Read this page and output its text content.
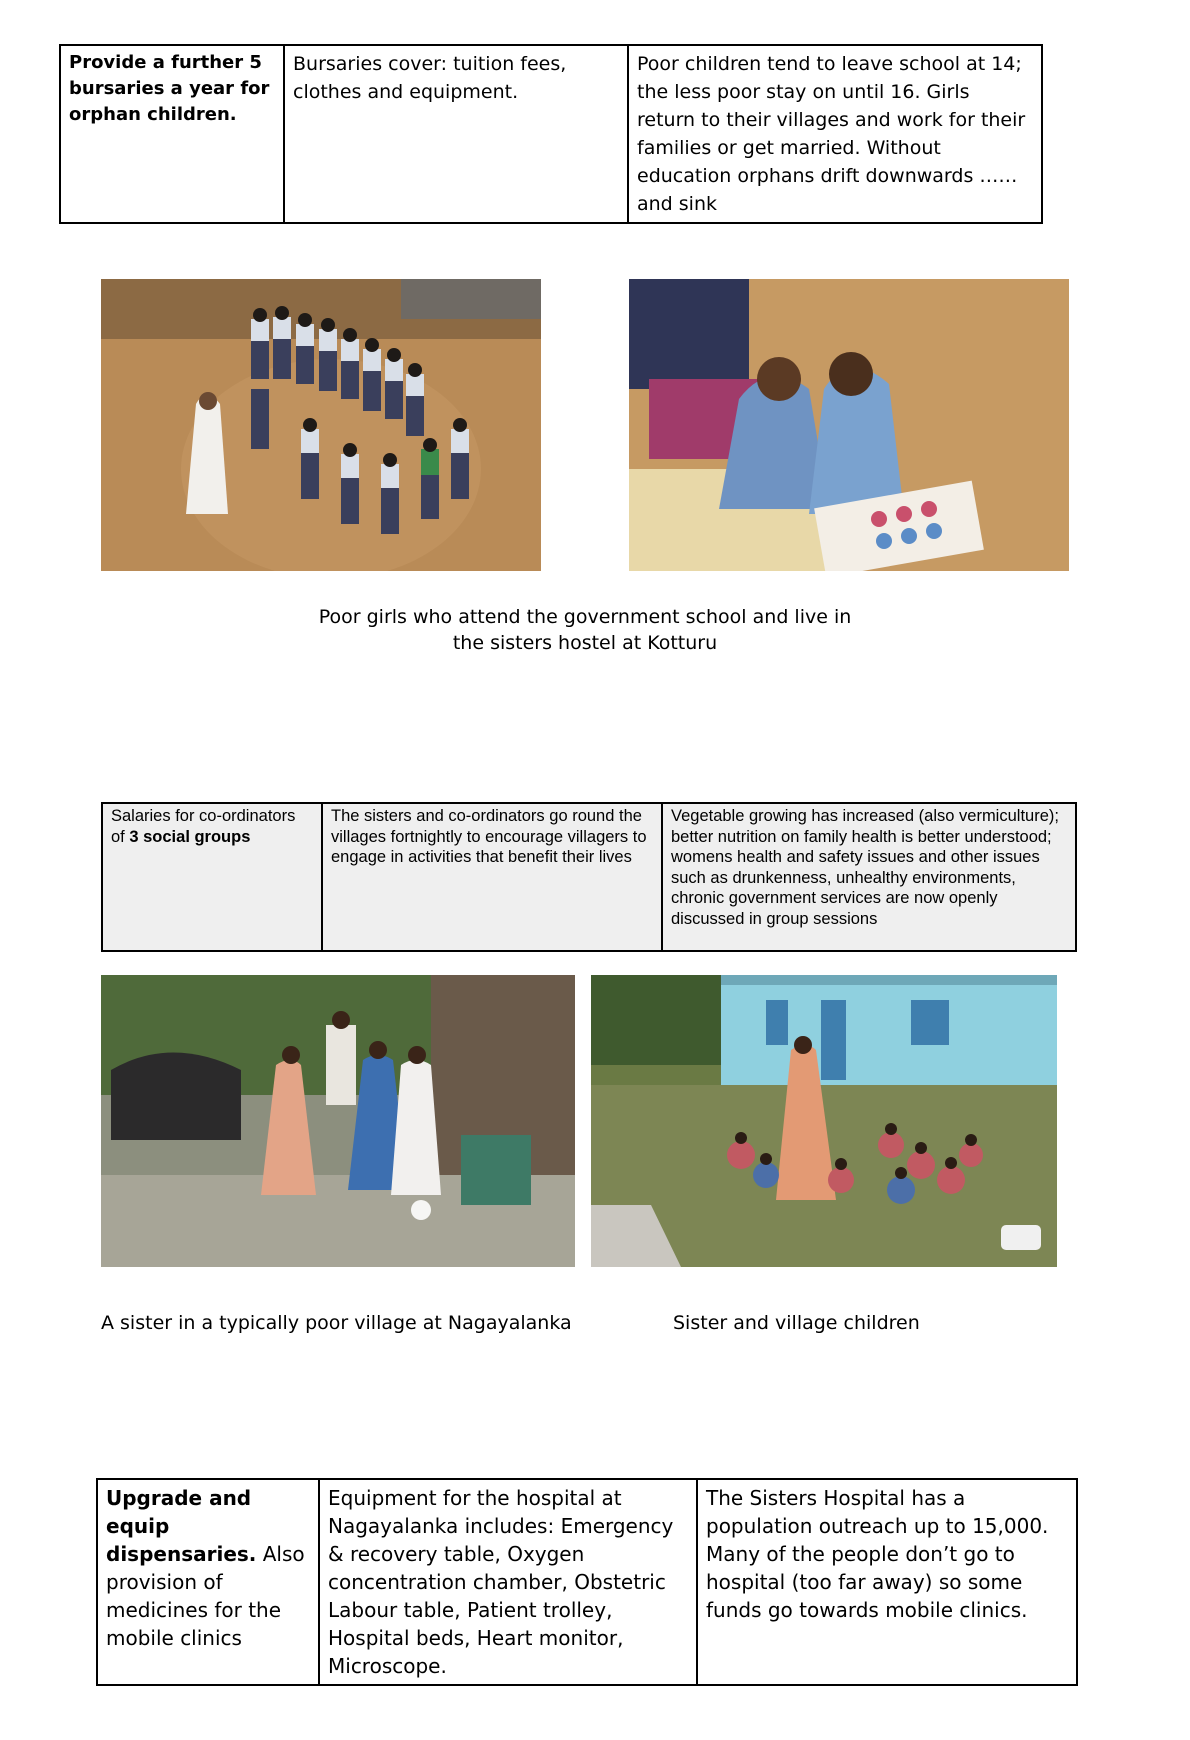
Provide a further 5 bursaries a year for orphan children.	Bursaries cover: tuition fees, clothes and equipment.	Poor children tend to leave school at 14; the less poor stay on until 16. Girls return to their villages and work for their families or get married. Without education orphans drift downwards …… and sink
Poor girls who attend the government school and live in
the sisters hostel at Kotturu
Salaries for co-ordinators of 3 social groups	The sisters and co-ordinators go round the villages fortnightly to encourage villagers to engage in activities that benefit their lives	Vegetable growing has increased (also vermiculture); better nutrition on family health is better understood; womens health and safety issues and other issues such as drunkenness, unhealthy environments, chronic government services are now openly discussed in group sessions
A sister in a typically poor village at Nagayalanka	Sister and village children
Upgrade and equip dispensaries. Also provision of medicines for the mobile clinics	Equipment for the hospital at Nagayalanka includes: Emergency & recovery table, Oxygen concentration chamber, Obstetric Labour table, Patient trolley, Hospital beds, Heart monitor, Microscope.	The Sisters Hospital has a population outreach up to 15,000. Many of the people don’t go to hospital (too far away) so some funds go towards mobile clinics.
